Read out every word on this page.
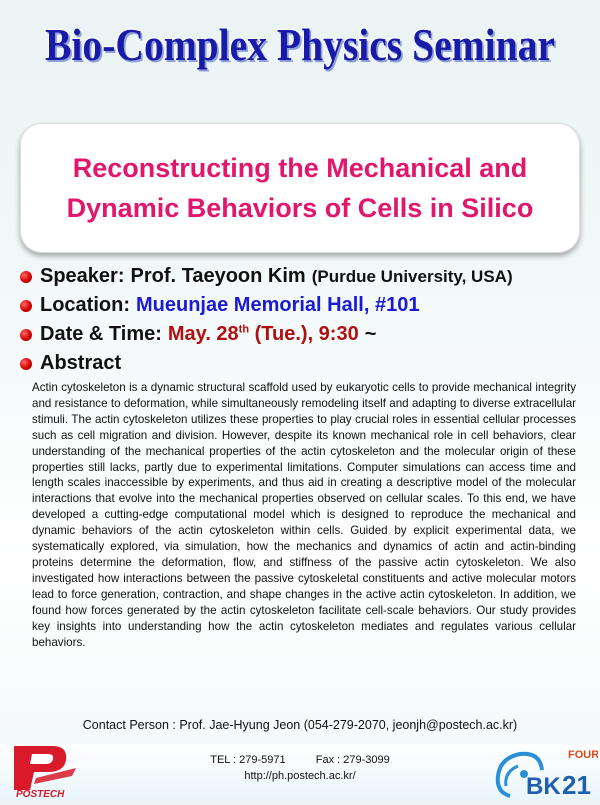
Bio-Complex Physics Seminar
Reconstructing the Mechanical and
Dynamic Behaviors of Cells in Silico
Speaker: Prof. Taeyoon Kim (Purdue University, USA)
Location: Mueunjae Memorial Hall, #101
Date & Time: May. 28th (Tue.), 9:30 ~
Abstract
Actin cytoskeleton is a dynamic structural scaffold used by eukaryotic cells to provide mechanical integrity and resistance to deformation, while simultaneously remodeling itself and adapting to diverse extracellular stimuli. The actin cytoskeleton utilizes these properties to play crucial roles in essential cellular processes such as cell migration and division. However, despite its known mechanical role in cell behaviors, clear understanding of the mechanical properties of the actin cytoskeleton and the molecular origin of these properties still lacks, partly due to experimental limitations. Computer simulations can access time and length scales inaccessible by experiments, and thus aid in creating a descriptive model of the molecular interactions that evolve into the mechanical properties observed on cellular scales. To this end, we have developed a cutting-edge computational model which is designed to reproduce the mechanical and dynamic behaviors of the actin cytoskeleton within cells. Guided by explicit experimental data, we systematically explored, via simulation, how the mechanics and dynamics of actin and actin-binding proteins determine the deformation, flow, and stiffness of the passive actin cytoskeleton. We also investigated how interactions between the passive cytoskeletal constituents and active molecular motors lead to force generation, contraction, and shape changes in the active actin cytoskeleton. In addition, we found how forces generated by the actin cytoskeleton facilitate cell-scale behaviors. Our study provides key insights into understanding how the actin cytoskeleton mediates and regulates various cellular behaviors.
Contact Person : Prof. Jae-Hyung Jeon (054-279-2070, jeonjh@postech.ac.kr)
POSTECH
TEL : 279-5971	Fax : 279-3099
http://ph.postech.ac.kr/
FOUR
BK 21
